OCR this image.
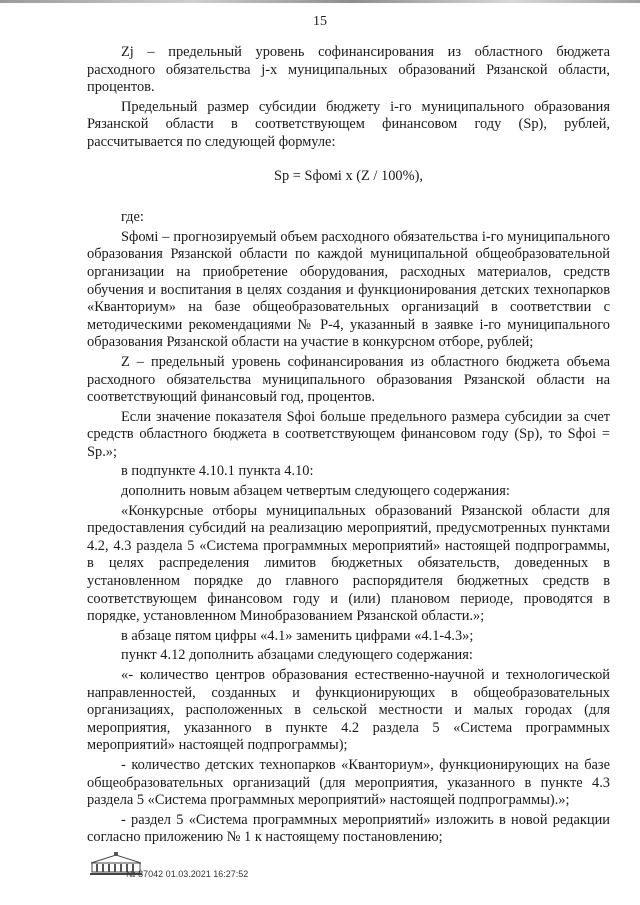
15

Zj – предельный уровень софинансирования из областного бюджета расходного обязательства j-х муниципальных образований Рязанской области, процентов.

Предельный размер субсидии бюджету i-го муниципального образования Рязанской области в соответствующем финансовом году (Sp), рублей, рассчитывается по следующей формуле:

Sp = Sфомi x (Z / 100%),

где:

Sфомi – прогнозируемый объем расходного обязательства i-го муниципального образования Рязанской области по каждой муниципальной общеобразовательной организации на приобретение оборудования, расходных материалов, средств обучения и воспитания в целях создания и функционирования детских технопарков «Кванториум» на базе общеобразовательных организаций в соответствии с методическими рекомендациями № Р-4, указанный в заявке i-го муниципального образования Рязанской области на участие в конкурсном отборе, рублей;

Z – предельный уровень софинансирования из областного бюджета объема расходного обязательства муниципального образования Рязанской области на соответствующий финансовый год, процентов.

Если значение показателя Sфоi больше предельного размера субсидии за счет средств областного бюджета в соответствующем финансовом году (Sp), то Sфоi = Sp.»;

в подпункте 4.10.1 пункта 4.10:

дополнить новым абзацем четвертым следующего содержания:

«Конкурсные отборы муниципальных образований Рязанской области для предоставления субсидий на реализацию мероприятий, предусмотренных пунктами 4.2, 4.3 раздела 5 «Система программных мероприятий» настоящей подпрограммы, в целях распределения лимитов бюджетных обязательств, доведенных в установленном порядке до главного распорядителя бюджетных средств в соответствующем финансовом году и (или) плановом периоде, проводятся в порядке, установленном Минобразованием Рязанской области.»;

в абзаце пятом цифры «4.1» заменить цифрами «4.1-4.3»;

пункт 4.12 дополнить абзацами следующего содержания:

«- количество центров образования естественно-научной и технологической направленностей, созданных и функционирующих в общеобразовательных организациях, расположенных в сельской местности и малых городах (для мероприятия, указанного в пункте 4.2 раздела 5 «Система программных мероприятий» настоящей подпрограммы);

- количество детских технопарков «Кванториум», функционирующих на базе общеобразовательных организаций (для мероприятия, указанного в пункте 4.3 раздела 5 «Система программных мероприятий» настоящей подпрограммы).»;

- раздел 5 «Система программных мероприятий» изложить в новой редакции согласно приложению № 1 к настоящему постановлению;

№ 87042 01.03.2021 16:27:52
